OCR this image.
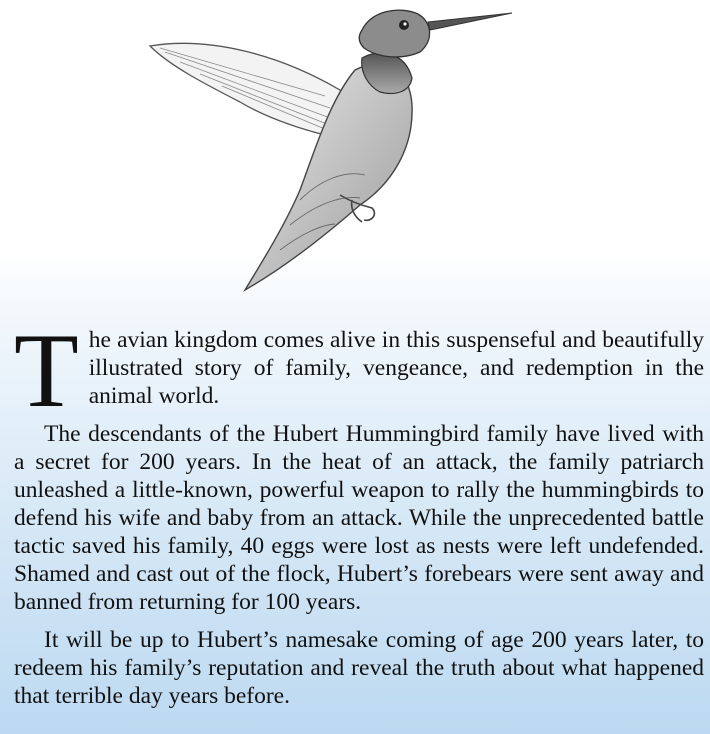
The avian kingdom comes alive in this suspenseful and beautifully illustrated story of family, vengeance, and redemption in the animal world.

The descendants of the Hubert Hummingbird family have lived with a secret for 200 years. In the heat of an attack, the family patriarch unleashed a little-known, powerful weapon to rally the hummingbirds to defend his wife and baby from an attack. While the unprecedented battle tactic saved his family, 40 eggs were lost as nests were left undefended. Shamed and cast out of the flock, Hubert’s forebears were sent away and banned from returning for 100 years.

It will be up to Hubert’s namesake coming of age 200 years later, to redeem his family’s reputation and reveal the truth about what happened that terrible day years before.
